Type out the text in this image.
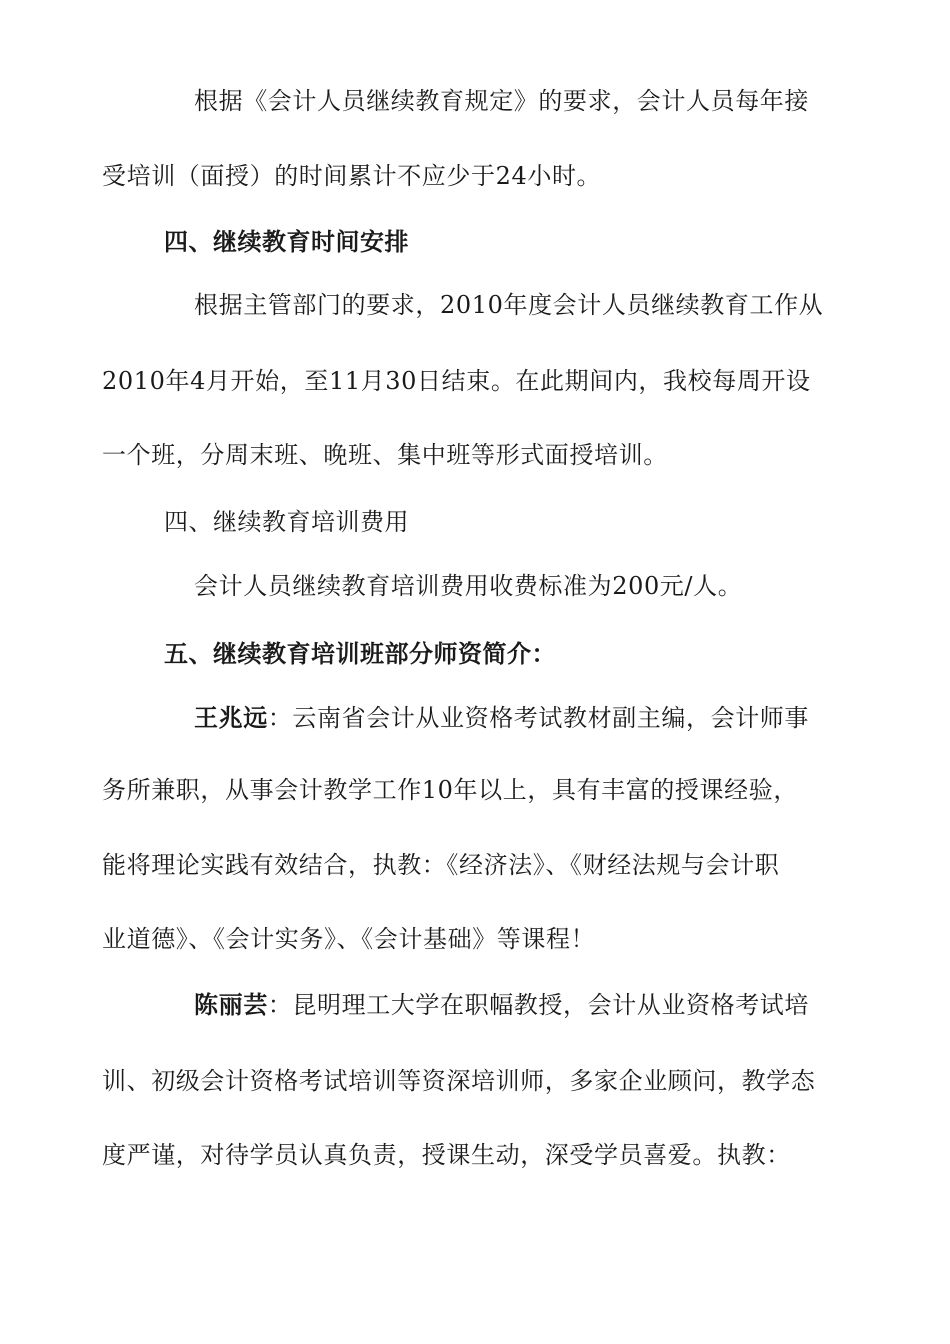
根据《会计人员继续教育规定》的要求，会计人员每年接
受培训（面授）的时间累计不应少于24小时。
四、继续教育时间安排
根据主管部门的要求，2010年度会计人员继续教育工作从
2010年4月开始，至11月30日结束。在此期间内，我校每周开设
一个班，分周末班、晚班、集中班等形式面授培训。
四、继续教育培训费用
会计人员继续教育培训费用收费标准为200元/人。
五、继续教育培训班部分师资简介：
王兆远：云南省会计从业资格考试教材副主编，会计师事
务所兼职，从事会计教学工作10年以上，具有丰富的授课经验，
能将理论实践有效结合，执教：《经济法》、《财经法规与会计职
业道德》、《会计实务》、《会计基础》等课程！
陈丽芸：昆明理工大学在职幅教授，会计从业资格考试培
训、初级会计资格考试培训等资深培训师，多家企业顾问，教学态
度严谨，对待学员认真负责，授课生动，深受学员喜爱。执教：
